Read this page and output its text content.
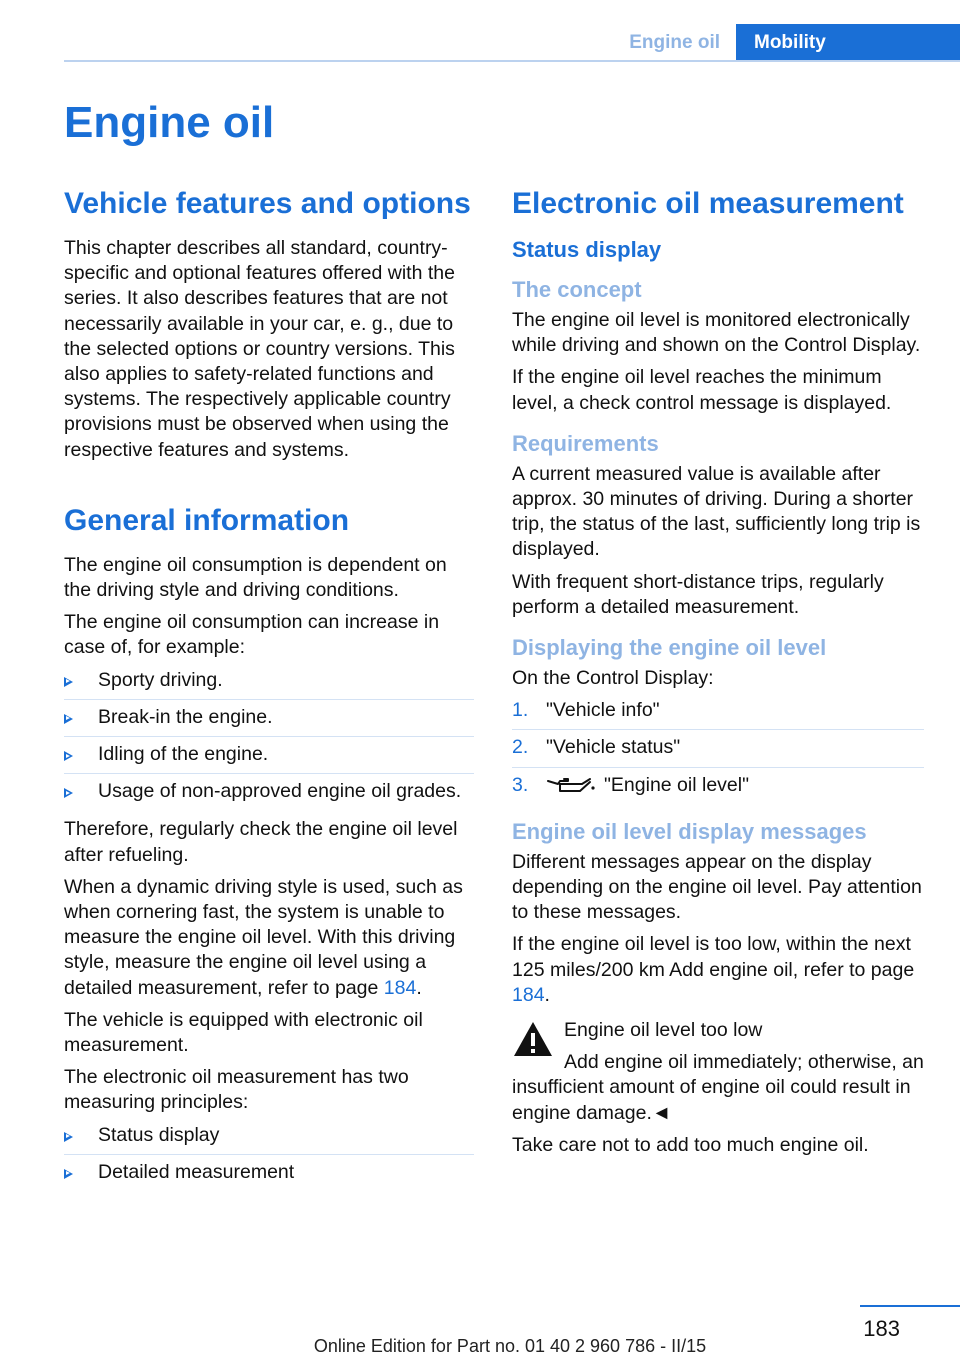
Engine oil	Mobility
Engine oil
Vehicle features and options

This chapter describes all standard, country-specific and optional features offered with the series. It also describes features that are not necessarily available in your car, e. g., due to the selected options or country versions. This also applies to safety-related functions and systems. The respectively applicable country provisions must be observed when using the respective features and systems.

General information

The engine oil consumption is dependent on the driving style and driving conditions.

The engine oil consumption can increase in case of, for example:

Sporty driving.
Break-in the engine.
Idling of the engine.
Usage of non-approved engine oil grades.

Therefore, regularly check the engine oil level after refueling.

When a dynamic driving style is used, such as when cornering fast, the system is unable to measure the engine oil level. With this driving style, measure the engine oil level using a detailed measurement, refer to page 184.

The vehicle is equipped with electronic oil measurement.

The electronic oil measurement has two measuring principles:

Status display
Detailed measurement
Electronic oil measurement
Status display
The concept

The engine oil level is monitored electronically while driving and shown on the Control Display.

If the engine oil level reaches the minimum level, a check control message is displayed.

Requirements

A current measured value is available after approx. 30 minutes of driving. During a shorter trip, the status of the last, sufficiently long trip is displayed.

With frequent short-distance trips, regularly perform a detailed measurement.

Displaying the engine oil level

On the Control Display:

1. "Vehicle info"
2. "Vehicle status"
3.	"Engine oil level"
Engine oil level display messages

Different messages appear on the display depending on the engine oil level. Pay attention to these messages.

If the engine oil level is too low, within the next 125 miles/200 km Add engine oil, refer to page 184.

Engine oil level too low

Add engine oil immediately; otherwise, an insufficient amount of engine oil could result in engine damage.◄

Take care not to add too much engine oil.

183
Online Edition for Part no. 01 40 2 960 786 - II/15
